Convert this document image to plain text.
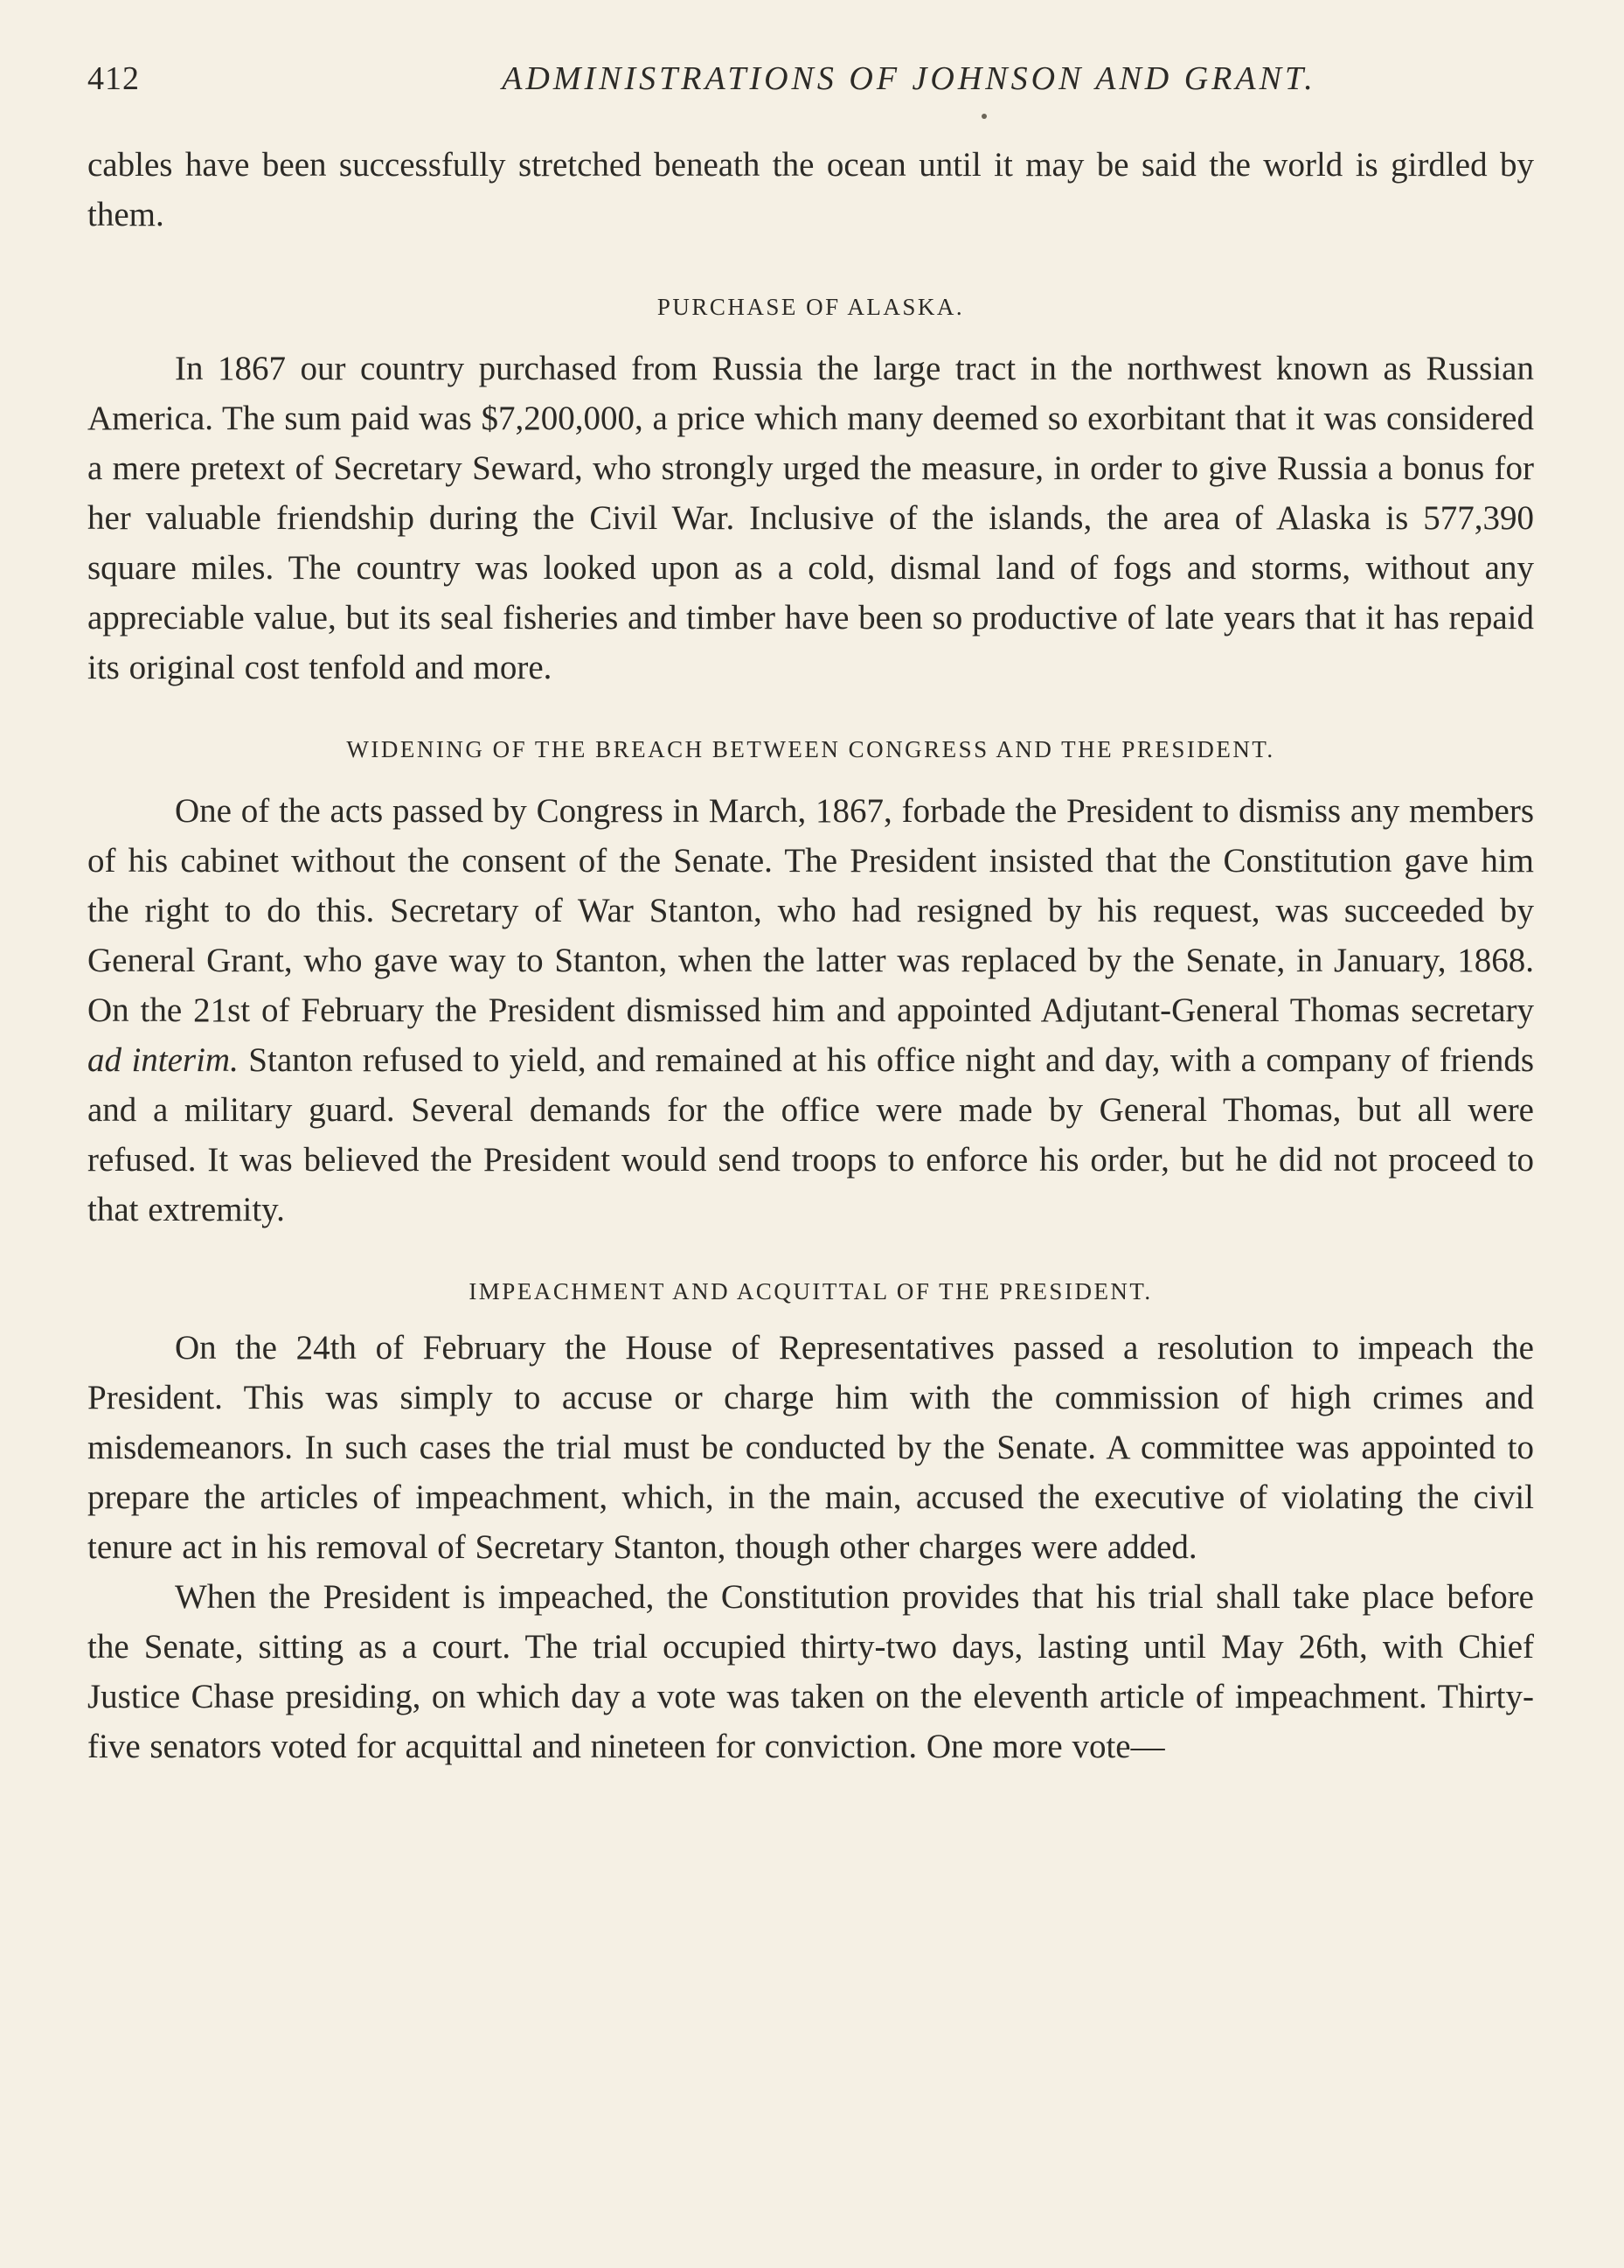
412	ADMINISTRATIONS OF JOHNSON AND GRANT.

cables have been successfully stretched beneath the ocean until it may be said the world is girdled by them.

PURCHASE OF ALASKA.

In 1867 our country purchased from Russia the large tract in the northwest known as Russian America. The sum paid was $7,200,000, a price which many deemed so exorbitant that it was considered a mere pretext of Secretary Seward, who strongly urged the measure, in order to give Russia a bonus for her valuable friendship during the Civil War. Inclusive of the islands, the area of Alaska is 577,390 square miles. The country was looked upon as a cold, dismal land of fogs and storms, without any appreciable value, but its seal fisheries and timber have been so productive of late years that it has repaid its original cost tenfold and more.

WIDENING OF THE BREACH BETWEEN CONGRESS AND THE PRESIDENT.

One of the acts passed by Congress in March, 1867, forbade the President to dismiss any members of his cabinet without the consent of the Senate. The President insisted that the Constitution gave him the right to do this. Secretary of War Stanton, who had resigned by his request, was succeeded by General Grant, who gave way to Stanton, when the latter was replaced by the Senate, in January, 1868. On the 21st of February the President dismissed him and appointed Adjutant-General Thomas secretary ad interim. Stanton refused to yield, and remained at his office night and day, with a company of friends and a military guard. Several demands for the office were made by General Thomas, but all were refused. It was believed the President would send troops to enforce his order, but he did not proceed to that extremity.

IMPEACHMENT AND ACQUITTAL OF THE PRESIDENT.

On the 24th of February the House of Representatives passed a resolution to impeach the President. This was simply to accuse or charge him with the commission of high crimes and misdemeanors. In such cases the trial must be conducted by the Senate. A committee was appointed to prepare the articles of impeachment, which, in the main, accused the executive of violating the civil tenure act in his removal of Secretary Stanton, though other charges were added.

When the President is impeached, the Constitution provides that his trial shall take place before the Senate, sitting as a court. The trial occupied thirty-two days, lasting until May 26th, with Chief Justice Chase presiding, on which day a vote was taken on the eleventh article of impeachment. Thirty-five senators voted for acquittal and nineteen for conviction. One more vote—
